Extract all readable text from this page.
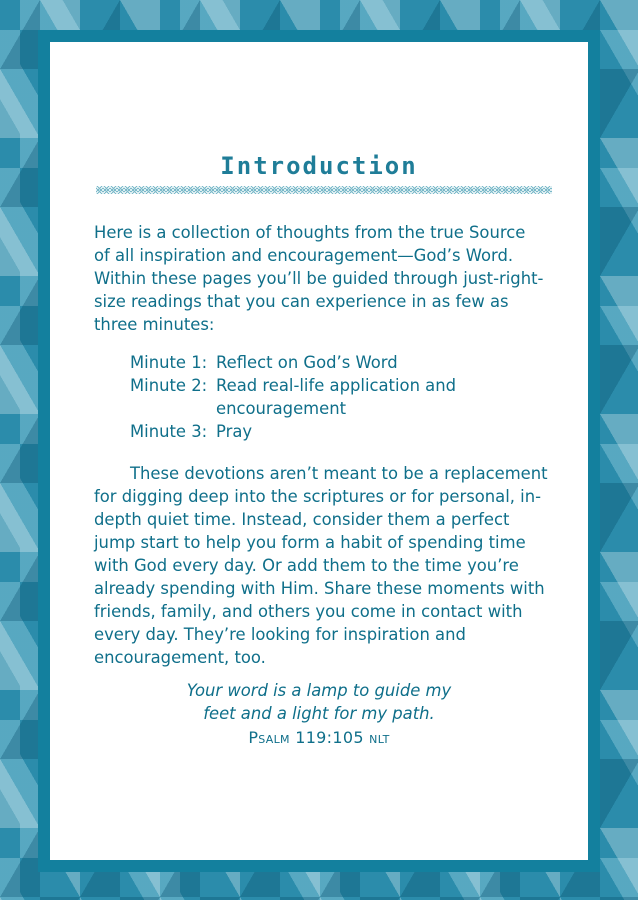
Introduction

Here is a collection of thoughts from the true Source
of all inspiration and encouragement—God’s Word.
Within these pages you’ll be guided through just-right-
size readings that you can experience in as few as
three minutes:

Minute 1: Reflect on God’s Word
Minute 2: Read real-life application and
encouragement
Minute 3: Pray

These devotions aren’t meant to be a replacement for digging deep into the scriptures or for personal, in-depth quiet time. Instead, consider them a perfect jump start to help you form a habit of spending time with God every day. Or add them to the time you’re already spending with Him. Share these moments with friends, family, and others you come in contact with every day. They’re looking for inspiration and encouragement, too.

Your word is a lamp to guide my
feet and a light for my path.

Psalm 119:105 nlt
